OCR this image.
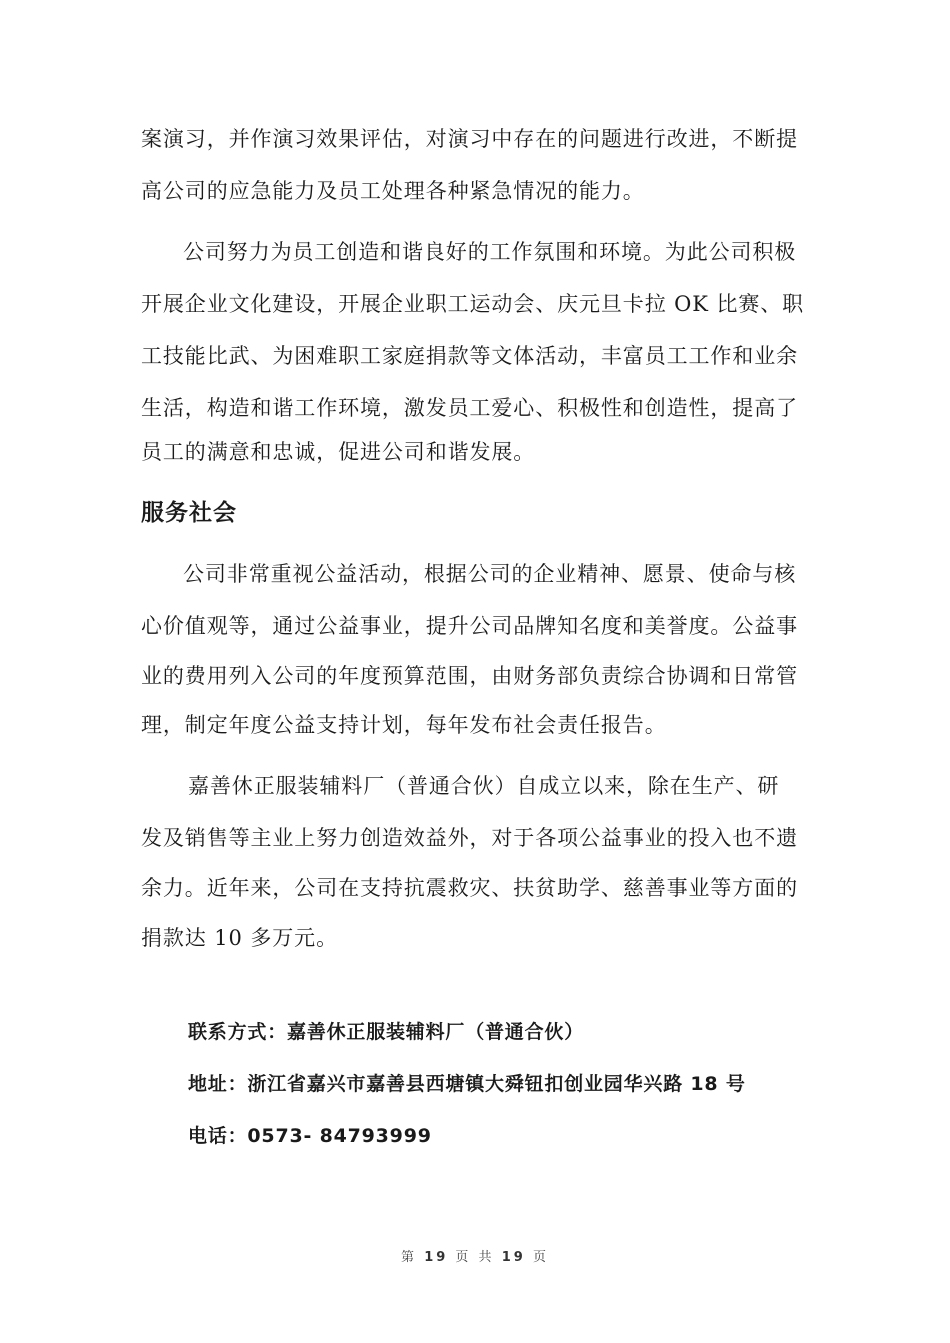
案演习，并作演习效果评估，对演习中存在的问题进行改进，不断提
高公司的应急能力及员工处理各种紧急情况的能力。
公司努力为员工创造和谐良好的工作氛围和环境。为此公司积极
开展企业文化建设，开展企业职工运动会、庆元旦卡拉 OK 比赛、职
工技能比武、为困难职工家庭捐款等文体活动，丰富员工工作和业余
生活，构造和谐工作环境，激发员工爱心、积极性和创造性，提高了
员工的满意和忠诚，促进公司和谐发展。
服务社会
公司非常重视公益活动，根据公司的企业精神、愿景、使命与核
心价值观等，通过公益事业，提升公司品牌知名度和美誉度。公益事
业的费用列入公司的年度预算范围，由财务部负责综合协调和日常管
理，制定年度公益支持计划，每年发布社会责任报告。
嘉善休正服装辅料厂（普通合伙）自成立以来，除在生产、研
发及销售等主业上努力创造效益外，对于各项公益事业的投入也不遗
余力。近年来，公司在支持抗震救灾、扶贫助学、慈善事业等方面的
捐款达 10 多万元。
联系方式：嘉善休正服装辅料厂（普通合伙）
地址：浙江省嘉兴市嘉善县西塘镇大舜钮扣创业园华兴路 18 号
电话：0573- 84793999
第 19 页 共 19 页
